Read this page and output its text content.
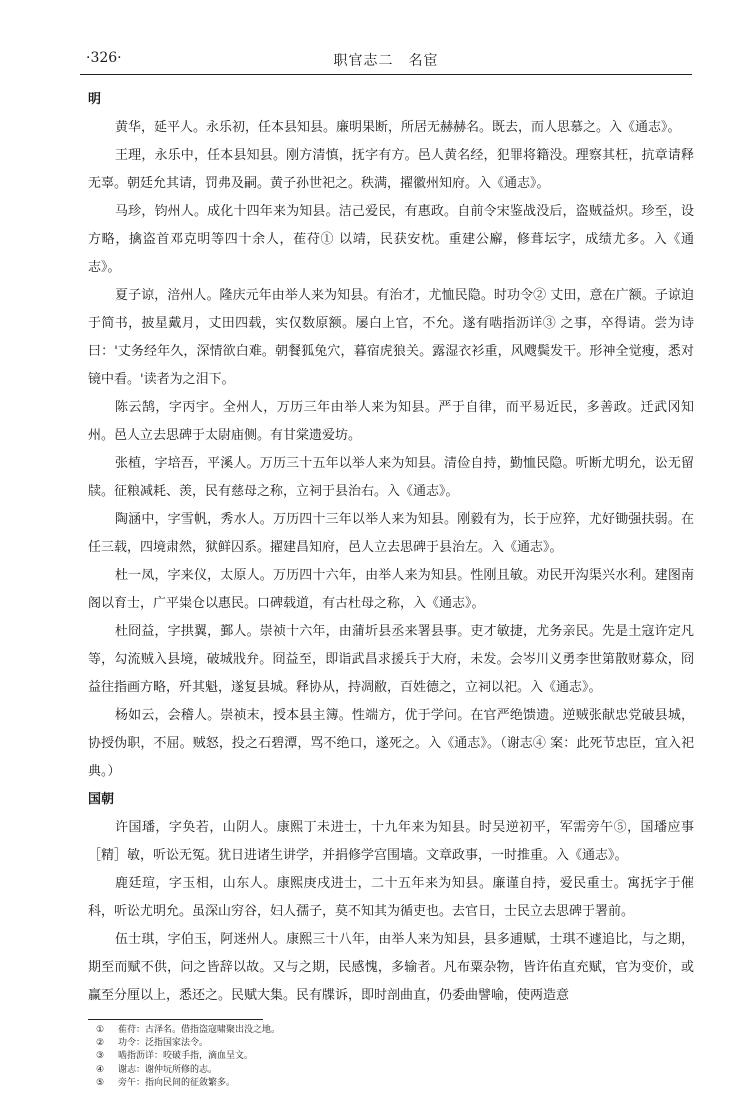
·326·	职官志二　名宦

明

黄华，延平人。永乐初，任本县知县。廉明果断，所居无赫赫名。既去，而人思慕之。入《通志》。

王理，永乐中，任本县知县。刚方清慎，抚字有方。邑人黄名经，犯罪将籍没。理察其枉，抗章请释无辜。朝廷允其请，罚弗及嗣。黄子孙世祀之。秩满，擢徽州知府。入《通志》。

马珍，钧州人。成化十四年来为知县。洁己爱民，有惠政。自前令宋鉴战没后，盗贼益炽。珍至，设方略，擒盗首邓克明等四十余人，萑苻① 以靖，民获安枕。重建公廨，修葺坛字，成绩尤多。入《通志》。

夏子谅，涪州人。隆庆元年由举人来为知县。有治才，尤恤民隐。时功令② 丈田，意在广额。子谅迫于简书，披星戴月，丈田四载，实仅数原额。屡白上官，不允。遂有啮指沥详③ 之事，卒得请。尝为诗曰：'丈务经年久，深情欲白难。朝餐狐兔穴，暮宿虎狼关。露湿衣衫重，风飕鬓发干。形神全觉瘦，悉对镜中看。'读者为之泪下。

陈云鹄，字丙宇。全州人，万历三年由举人来为知县。严于自律，而平易近民，多善政。迁武冈知州。邑人立去思碑于太尉庙侧。有甘棠遗爱坊。

张植，字培吾，平溪人。万历三十五年以举人来为知县。清俭自持，勤恤民隐。听断尤明允，讼无留牍。征粮减耗、羡，民有慈母之称，立祠于县治右。入《通志》。

陶涵中，字雪帆，秀水人。万历四十三年以举人来为知县。刚毅有为，长于应猝，尤好锄强扶弱。在任三载，四境肃然，狱鲜囚系。擢建昌知府，邑人立去思碑于县治左。入《通志》。

杜一凤，字来仪，太原人。万历四十六年，由举人来为知县。性刚且敏。劝民开沟渠兴水利。建图南阁以育士，广平粜仓以惠民。口碑载道，有古杜母之称，入《通志》。

杜冏益，字拱翼，鄞人。崇祯十六年，由蒲圻县丞来署县事。吏才敏捷，尤务亲民。先是土寇许定凡等，勾流贼入县境，破城戕弁。冏益至，即诣武昌求援兵于大府，未发。会岑川义勇李世第散财募众，冏益往指画方略，歼其魁，遂复县城。释协从，持凋敝，百姓德之，立祠以祀。入《通志》。

杨如云，会稽人。崇祯末，授本县主簿。性端方，优于学问。在官严绝馈遗。逆贼张献忠党破县城，协授伪职，不屈。贼怒，投之石碧潭，骂不绝口，遂死之。入《通志》。（谢志④ 案：此死节忠臣，宜入祀典。）

国朝

许国璠，字奂若，山阴人。康熙丁未进士，十九年来为知县。时吴逆初平，军需旁午⑤，国璠应事［精］敏，听讼无冤。犹日进诸生讲学，并捐修学宫围墙。文章政事，一时推重。入《通志》。

鹿廷瑄，字玉相，山东人。康熙庚戌进士，二十五年来为知县。廉谨自持，爱民重士。寓抚字于催科，听讼尤明允。虽深山穷谷，妇人孺子，莫不知其为循吏也。去官日，士民立去思碑于署前。

伍士琪，字伯玉，阿迷州人。康熙三十八年，由举人来为知县，县多逋赋，士琪不遽追比，与之期，期至而赋不供，问之皆辞以故。又与之期，民感愧，多输者。凡布粟杂物，皆许佑直充赋，官为变价，或赢至分厘以上，悉还之。民赋大集。民有牒诉，即时剖曲直，仍委曲譬喻，使两造意

① 萑苻：古泽名。借指盗寇啸聚出没之地。

② 功令：泛指国家法令。

③ 啮指沥详：咬破手指，滴血呈文。

④ 谢志：谢仲坃所修的志。

⑤ 旁午：指向民间的征敛繁多。
